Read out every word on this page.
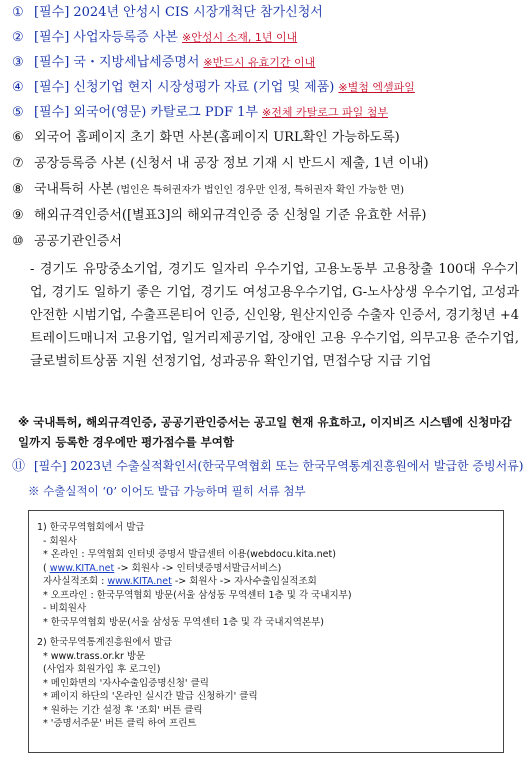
① [필수] 2024년 안성시 CIS 시장개척단 참가신청서
② [필수] 사업자등록증 사본 ※안성시 소재, 1년 이내
③ [필수] 국・지방세납세증명서 ※반드시 유효기간 이내
④ [필수] 신청기업 현지 시장성평가 자료 (기업 및 제품) ※별첨 엑셀파일
⑤ [필수] 외국어(영문) 카탈로그 PDF 1부 ※전체 카탈로그 파일 첨부
⑥ 외국어 홈페이지 초기 화면 사본(홈페이지 URL확인 가능하도록)
⑦ 공장등록증 사본 (신청서 내 공장 정보 기재 시 반드시 제출, 1년 이내)
⑧ 국내특허 사본 (법인은 특허권자가 법인인 경우만 인정, 특허권자 확인 가능한 면)
⑨ 해외규격인증서([별표3]의 해외규격인증 중 신청일 기준 유효한 서류)
⑩ 공공기관인증서
- 경기도 유망중소기업, 경기도 일자리 우수기업, 고용노동부 고용창출 100대 우수기업, 경기도 일하기 좋은 기업, 경기도 여성고용우수기업, G-노사상생 우수기업, 고성과 안전한 시범기업, 수출프론티어 인증, 신인왕, 원산지인증 수출자 인증서, 경기청년 +4 트레이드매니저 고용기업, 일거리제공기업, 장애인 고용 우수기업, 의무고용 준수기업, 글로벌히트상품 지원 선정기업, 성과공유 확인기업, 면접수당 지급 기업
※ 국내특허, 해외규격인증, 공공기관인증서는 공고일 현재 유효하고, 이지비즈 시스템에 신청마감일까지 등록한 경우에만 평가점수를 부여함
⑪ [필수] 2023년 수출실적확인서(한국무역협회 또는 한국무역통계진흥원에서 발급한 증빙서류)
※ 수출실적이 ‘0’ 이어도 발급 가능하며 필히 서류 첨부
1) 한국무역협회에서 발급
- 회원사
* 온라인 : 무역협회 인터넷 증명서 발급센터 이용(webdocu.kita.net)
( www.KITA.net -> 회원사 -> 인터넷증명서발급서비스)
자사실적조회 : www.KITA.net -> 회원사 -> 자사수출입실적조회
* 오프라인 : 한국무역협회 방문(서울 삼성동 무역센터 1층 및 각 국내지부)
- 비회원사
* 한국무역협회 방문(서울 삼성동 무역센터 1층 및 각 국내지역본부)
2) 한국무역통계진흥원에서 발급
* www.trass.or.kr 방문
(사업자 회원가입 후 로그인)
* 메인화면의 '자사수출입증명신청' 클릭
* 페이지 하단의 '온라인 실시간 발급 신청하기' 클릭
* 원하는 기간 설정 후 '조회' 버튼 클릭
* '증명서주문' 버튼 클릭 하여 프린트
